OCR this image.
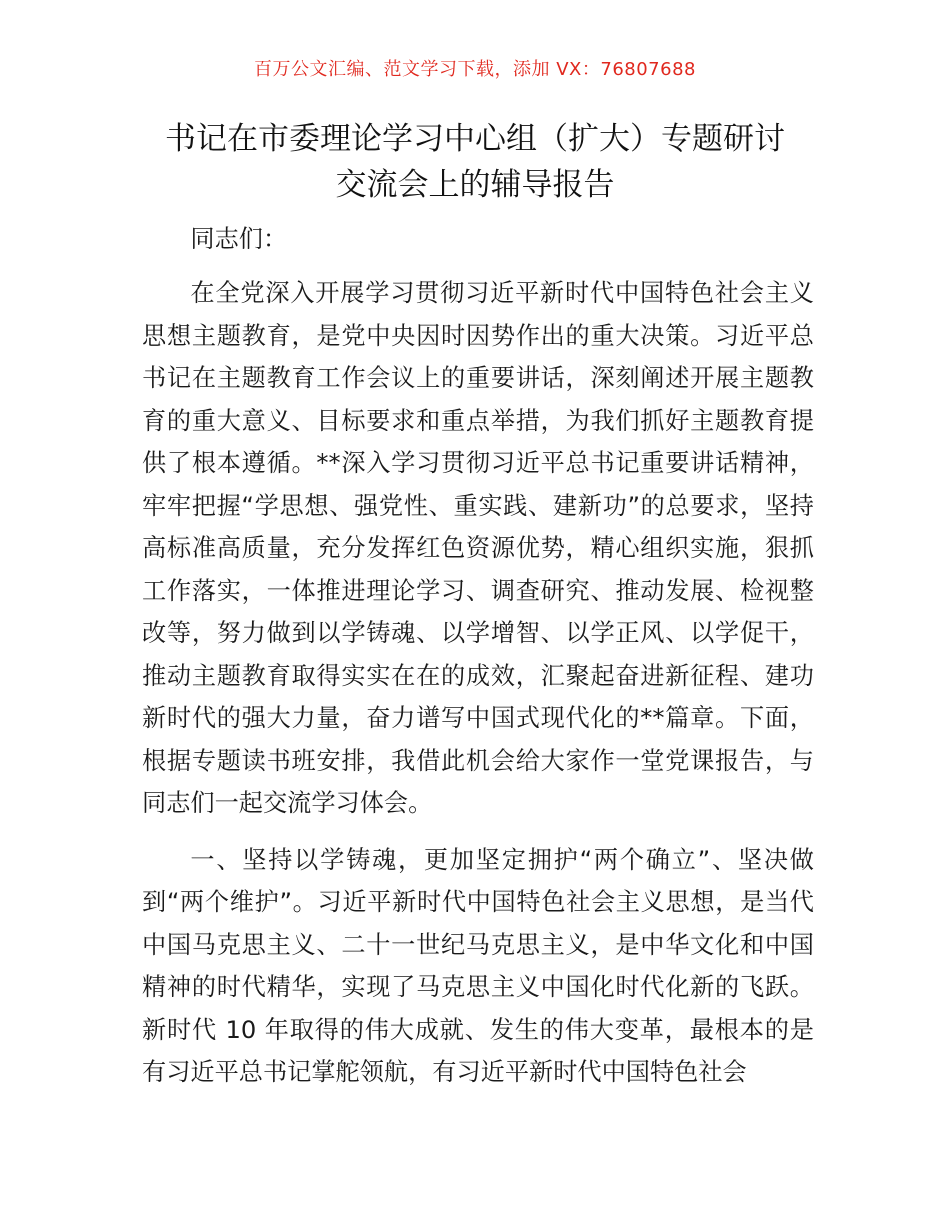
百万公文汇编、范文学习下载，添加 VX：76807688
书记在市委理论学习中心组（扩大）专题研讨
交流会上的辅导报告

同志们：

在全党深入开展学习贯彻习近平新时代中国特色社会主义思想主题教育，是党中央因时因势作出的重大决策。习近平总书记在主题教育工作会议上的重要讲话，深刻阐述开展主题教育的重大意义、目标要求和重点举措，为我们抓好主题教育提供了根本遵循。**深入学习贯彻习近平总书记重要讲话精神，牢牢把握“学思想、强党性、重实践、建新功”的总要求，坚持高标准高质量，充分发挥红色资源优势，精心组织实施，狠抓工作落实，一体推进理论学习、调查研究、推动发展、检视整改等，努力做到以学铸魂、以学增智、以学正风、以学促干，推动主题教育取得实实在在的成效，汇聚起奋进新征程、建功新时代的强大力量，奋力谱写中国式现代化的**篇章。下面，根据专题读书班安排，我借此机会给大家作一堂党课报告，与同志们一起交流学习体会。

一、坚持以学铸魂，更加坚定拥护“两个确立”、坚决做到“两个维护”。习近平新时代中国特色社会主义思想，是当代中国马克思主义、二十一世纪马克思主义，是中华文化和中国精神的时代精华，实现了马克思主义中国化时代化新的飞跃。新时代 10 年取得的伟大成就、发生的伟大变革，最根本的是有习近平总书记掌舵领航，有习近平新时代中国特色社会
